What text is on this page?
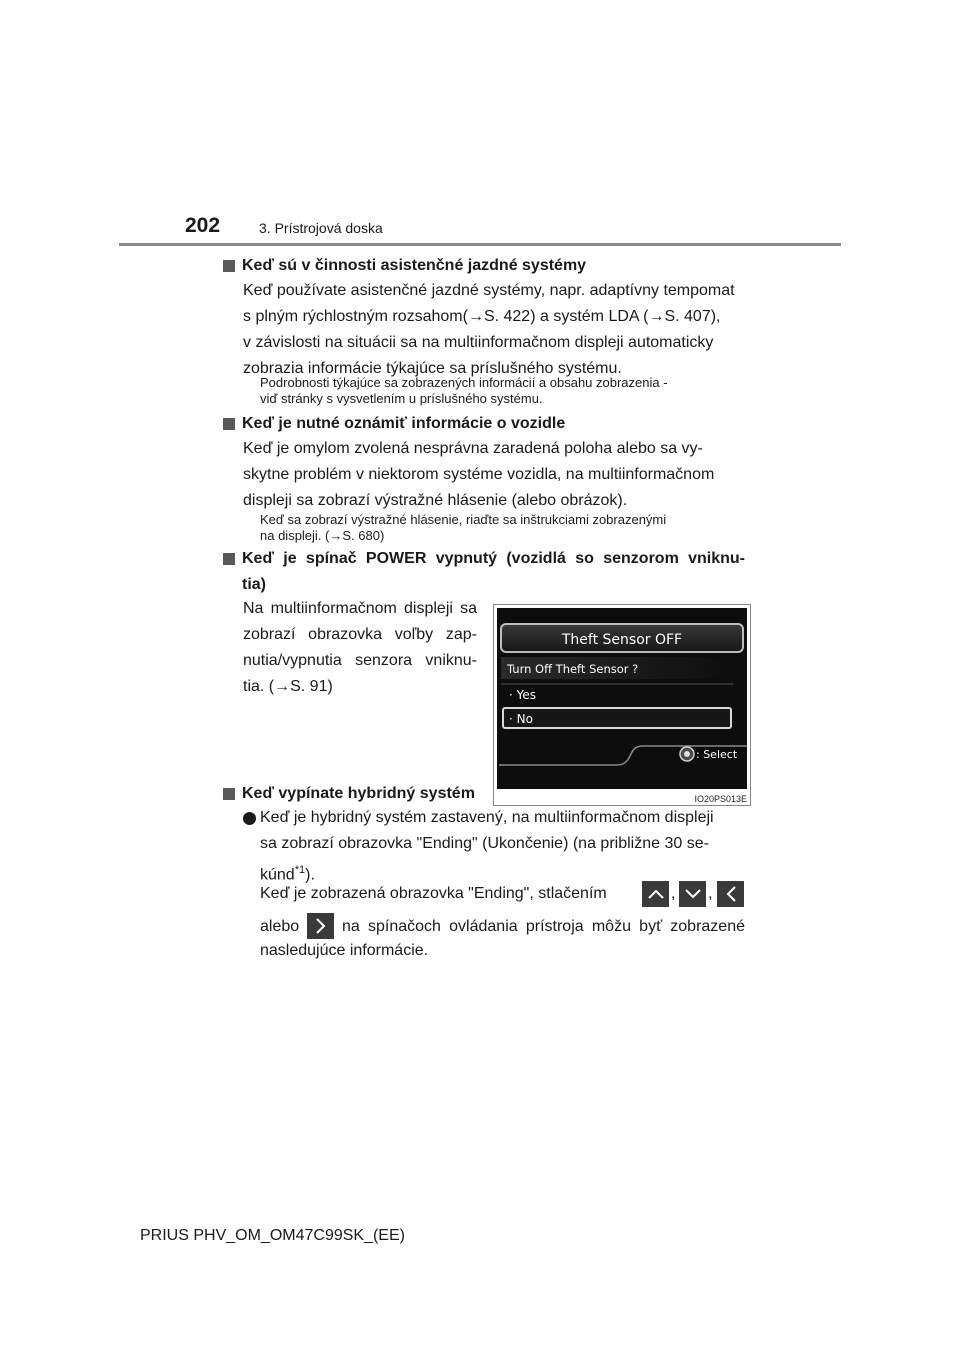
202	3. Prístrojová doska
Keď sú v činnosti asistenčné jazdné systémy
Keď používate asistenčné jazdné systémy, napr. adaptívny tempomat
s plným rýchlostným rozsahom(→S. 422) a systém LDA (→S. 407),
v závislosti na situácii sa na multiinformačnom displeji automaticky
zobrazia informácie týkajúce sa príslušného systému.
Podrobnosti týkajúce sa zobrazených informácií a obsahu zobrazenia -
viď stránky s vysvetlením u príslušného systému.
Keď je nutné oznámiť informácie o vozidle
Keď je omylom zvolená nesprávna zaradená poloha alebo sa vy-
skytne problém v niektorom systéme vozidla, na multiinformačnom
displeji sa zobrazí výstražné hlásenie (alebo obrázok).
Keď sa zobrazí výstražné hlásenie, riaďte sa inštrukciami zobrazenými
na displeji. (→S. 680)
Keď je spínač POWER vypnutý (vozidlá so senzorom vniknu-
tia)
Na multiinformačnom displeji sa
zobrazí obrazovka voľby zap-
nutia/vypnutia senzora vniknu-
tia. (→S. 91)
Theft Sensor OFF
Turn Off Theft Sensor ?
· Yes
· No
: Select
IO20PS013E
Keď vypínate hybridný systém
Keď je hybridný systém zastavený, na multiinformačnom displeji
sa zobrazí obrazovka "Ending" (Ukončenie) (na približne 30 se-
kúnd$^{*1}$).
Keď je zobrazená obrazovka "Ending", stlačením	, ,
alebo	na spínačoch ovládania prístroja môžu byť zobrazené
nasledujúce informácie.
PRIUS PHV_OM_OM47C99SK_(EE)
